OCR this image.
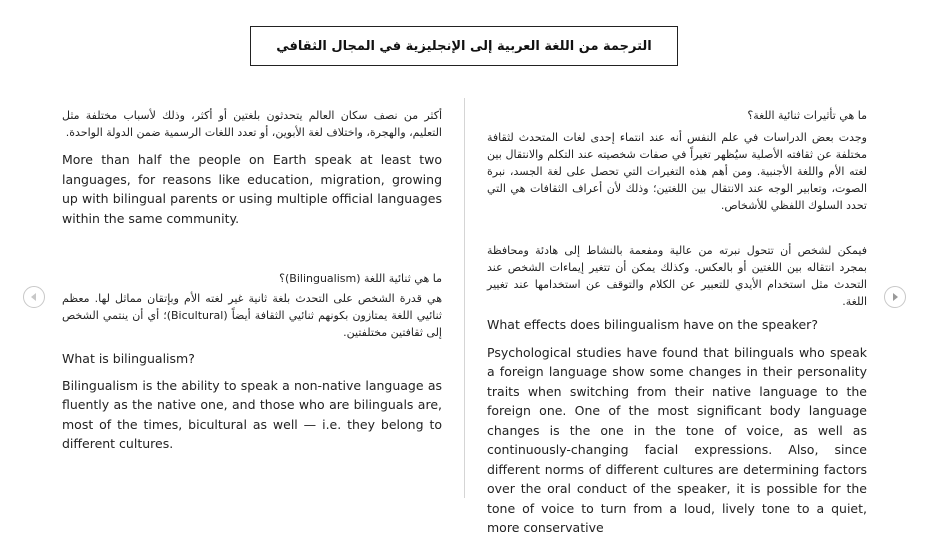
الترجمة من اللغة العربية إلى الإنجليزية في المجال الثقافي

أكثر من نصف سكان العالم يتحدثون بلغتين أو أكثر، وذلك لأسباب مختلفة مثل التعليم، والهجرة، واختلاف لغة الأبوين، أو تعدد اللغات الرسمية ضمن الدولة الواحدة.

More than half the people on Earth speak at least two languages, for reasons like education, migration, growing up with bilingual parents or using multiple official languages within the same community.

ما هي ثنائية اللغة (Bilingualism)؟

هي قدرة الشخص على التحدث بلغة ثانية غير لغته الأم وبإتقان مماثل لها. معظم ثنائيي اللغة يمتازون بكونهم ثنائيي الثقافة أيضاً (Bicultural)؛ أي أن ينتمي الشخص إلى ثقافتين مختلفتين.

What is bilingualism?

Bilingualism is the ability to speak a non-native language as fluently as the native one, and those who are bilinguals are, most of the times, bicultural as well — i.e. they belong to different cultures.

ما هي تأثيرات ثنائية اللغة؟

وجدت بعض الدراسات في علم النفس أنه عند انتماء إحدى لغات المتحدث لثقافة مختلفة عن ثقافته الأصلية سيُظهر تغيراً في صفات شخصيته عند التكلم والانتقال بين لغته الأم واللغة الأجنبية. ومن أهم هذه التغيرات التي تحصل على لغة الجسد، نبرة الصوت، وتعابير الوجه عند الانتقال بين اللغتين؛ وذلك لأن أعراف الثقافات هي التي تحدد السلوك اللفظي للأشخاص.

فيمكن لشخص أن تتحول نبرته من عالية ومفعمة بالنشاط إلى هادئة ومحافظة بمجرد انتقاله بين اللغتين أو بالعكس. وكذلك يمكن أن تتغير إيماءات الشخص عند التحدث مثل استخدام الأيدي للتعبير عن الكلام والتوقف عن استخدامها عند تغيير اللغة.

What effects does bilingualism have on the speaker?

Psychological studies have found that bilinguals who speak a foreign language show some changes in their personality traits when switching from their native language to the foreign one. One of the most significant body language changes is the one in the tone of voice, as well as continuously-changing facial expressions. Also, since different norms of different cultures are determining factors over the oral conduct of the speaker, it is possible for the tone of voice to turn from a loud, lively tone to a quiet, more conservative
